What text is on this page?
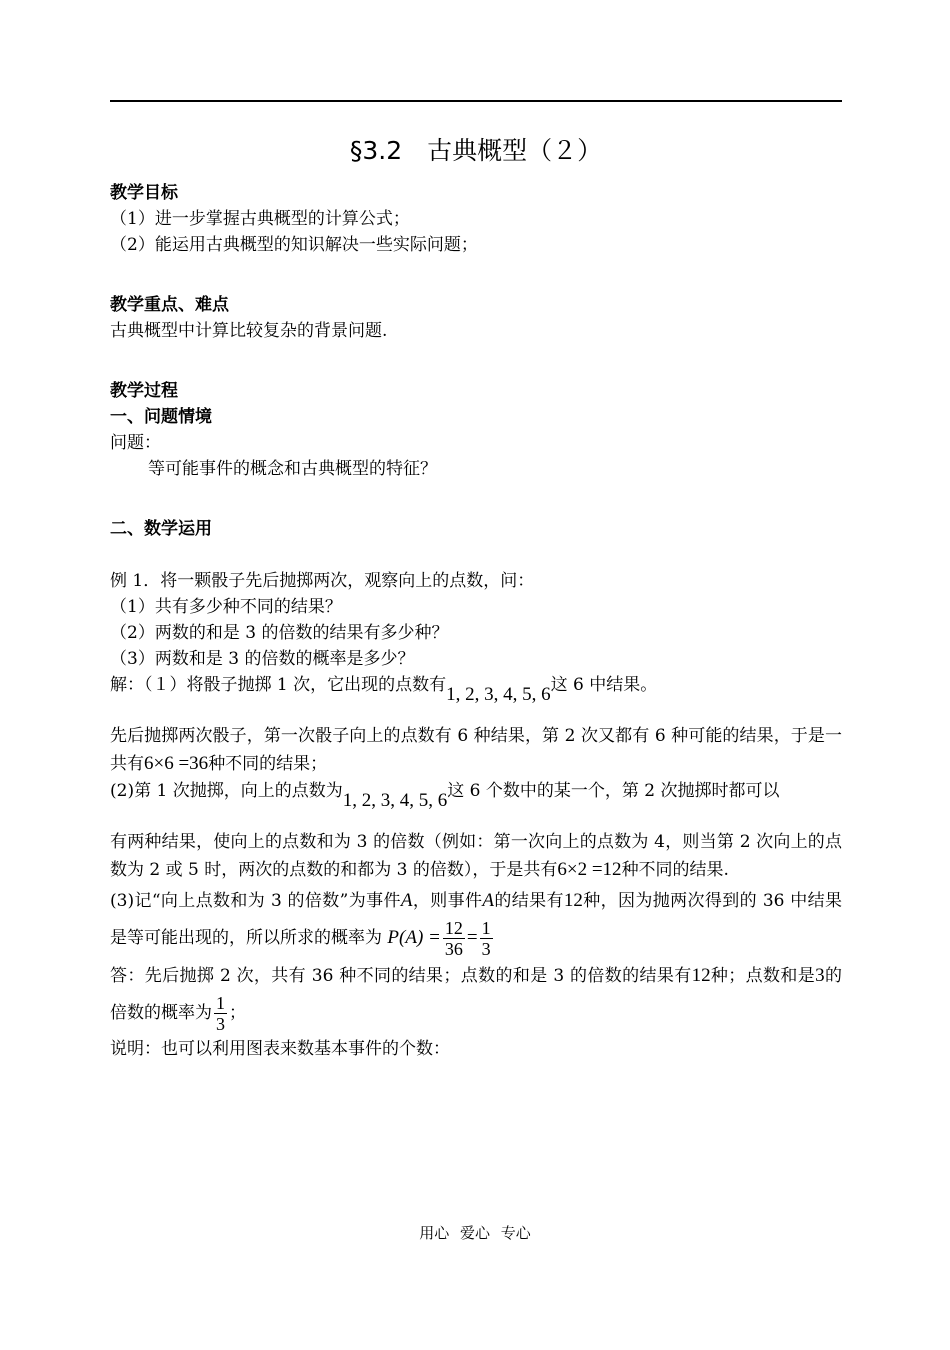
§3.2　古典概型（２）
教学目标
（1）进一步掌握古典概型的计算公式；
（2）能运用古典概型的知识解决一些实际问题；
教学重点、难点
古典概型中计算比较复杂的背景问题.
教学过程
一、问题情境
问题：
等可能事件的概念和古典概型的特征？
二、数学运用
例 1．将一颗骰子先后抛掷两次，观察向上的点数，问：
（1）共有多少种不同的结果？
（2）两数的和是 3 的倍数的结果有多少种？
（3）两数和是 3 的倍数的概率是多少？
解：（１）将骰子抛掷 1 次，它出现的点数有1, 2, 3, 4, 5, 6这 6 中结果。
先后抛掷两次骰子，第一次骰子向上的点数有 6 种结果，第 2 次又都有 6 种可能的结果，于是一共有6×6 =36种不同的结果；
(2)第 1 次抛掷，向上的点数为1, 2, 3, 4, 5, 6这 6 个数中的某一个，第 2 次抛掷时都可以
有两种结果，使向上的点数和为 3 的倍数（例如：第一次向上的点数为 4，则当第 2 次向上的点数为 2 或 5 时，两次的点数的和都为 3 的倍数），于是共有6×2 =12种不同的结果.
(3)记“向上点数和为 3 的倍数”为事件A，则事件A的结果有12种，因为抛两次得到的 36 中结果是等可能出现的，所以所求的概率为 $P(A) = \frac{12}{36} = \frac{1}{3}$
答：先后抛掷 2 次，共有 36 种不同的结果；点数的和是 3 的倍数的结果有12种；点数和是3的倍数的概率为 $\frac{1}{3}$ ；
说明：也可以利用图表来数基本事件的个数：
用心 爱心 专心
